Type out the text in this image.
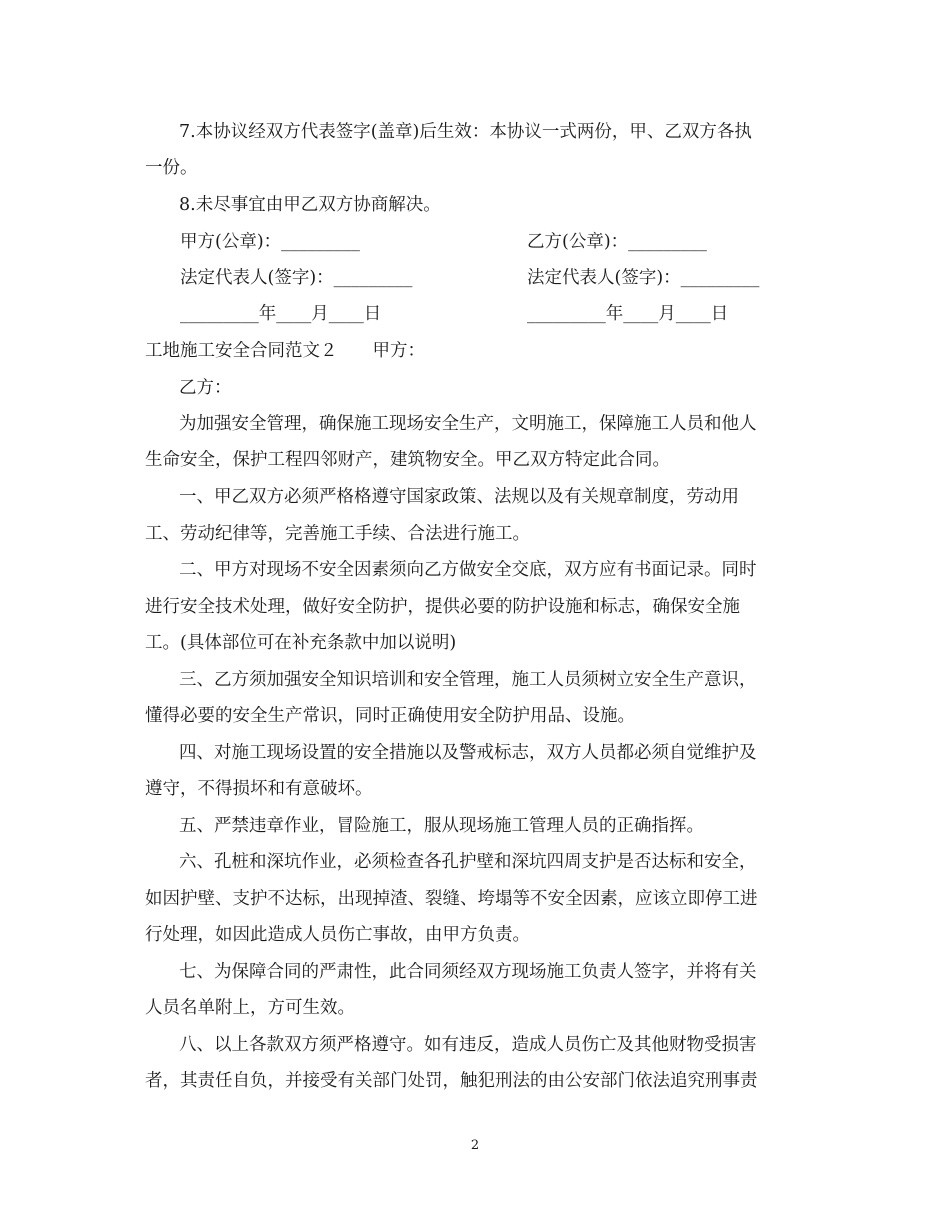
7.本协议经双方代表签字(盖章)后生效：本协议一式两份，甲、乙双方各执
一份。
8.未尽事宜由甲乙双方协商解决。
甲方(公章)：_________	乙方(公章)：_________
法定代表人(签字)：_________	法定代表人(签字)：_________
_________年____月____日	_________年____月____日
工地施工安全合同范文２　　甲方：
乙方：
为加强安全管理，确保施工现场安全生产，文明施工，保障施工人员和他人
生命安全，保护工程四邻财产，建筑物安全。甲乙双方特定此合同。
一、甲乙双方必须严格格遵守国家政策、法规以及有关规章制度，劳动用
工、劳动纪律等，完善施工手续、合法进行施工。
二、甲方对现场不安全因素须向乙方做安全交底，双方应有书面记录。同时
进行安全技术处理，做好安全防护，提供必要的防护设施和标志，确保安全施
工。(具体部位可在补充条款中加以说明)
三、乙方须加强安全知识培训和安全管理，施工人员须树立安全生产意识，
懂得必要的安全生产常识，同时正确使用安全防护用品、设施。
四、对施工现场设置的安全措施以及警戒标志，双方人员都必须自觉维护及
遵守，不得损坏和有意破坏。
五、严禁违章作业，冒险施工，服从现场施工管理人员的正确指挥。
六、孔桩和深坑作业，必须检查各孔护壁和深坑四周支护是否达标和安全，
如因护壁、支护不达标，出现掉渣、裂缝、垮塌等不安全因素，应该立即停工进
行处理，如因此造成人员伤亡事故，由甲方负责。
七、为保障合同的严肃性，此合同须经双方现场施工负责人签字，并将有关
人员名单附上，方可生效。
八、以上各款双方须严格遵守。如有违反，造成人员伤亡及其他财物受损害
者，其责任自负，并接受有关部门处罚，触犯刑法的由公安部门依法追究刑事责
2
